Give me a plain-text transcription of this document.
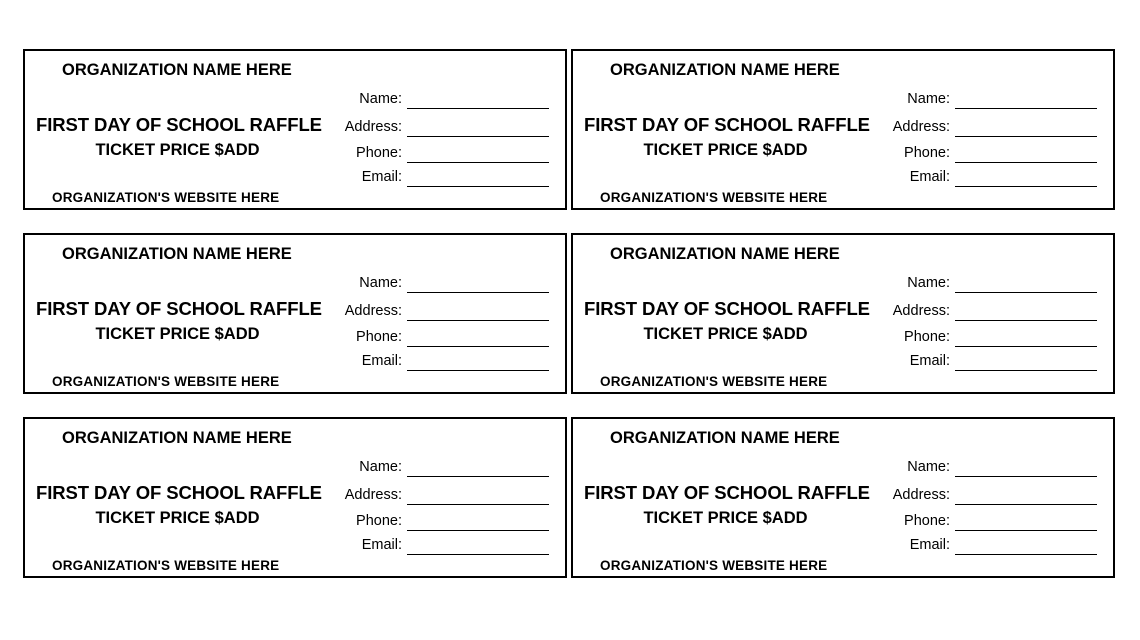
ORGANIZATION NAME HERE
FIRST DAY OF SCHOOL RAFFLE
TICKET PRICE $ADD
ORGANIZATION'S WEBSITE HERE
Name:
Address:
Phone:
Email:
ORGANIZATION NAME HERE
FIRST DAY OF SCHOOL RAFFLE
TICKET PRICE $ADD
ORGANIZATION'S WEBSITE HERE
Name:
Address:
Phone:
Email:
ORGANIZATION NAME HERE
FIRST DAY OF SCHOOL RAFFLE
TICKET PRICE $ADD
ORGANIZATION'S WEBSITE HERE
Name:
Address:
Phone:
Email:
ORGANIZATION NAME HERE
FIRST DAY OF SCHOOL RAFFLE
TICKET PRICE $ADD
ORGANIZATION'S WEBSITE HERE
Name:
Address:
Phone:
Email:
ORGANIZATION NAME HERE
FIRST DAY OF SCHOOL RAFFLE
TICKET PRICE $ADD
ORGANIZATION'S WEBSITE HERE
Name:
Address:
Phone:
Email:
ORGANIZATION NAME HERE
FIRST DAY OF SCHOOL RAFFLE
TICKET PRICE $ADD
ORGANIZATION'S WEBSITE HERE
Name:
Address:
Phone:
Email:
